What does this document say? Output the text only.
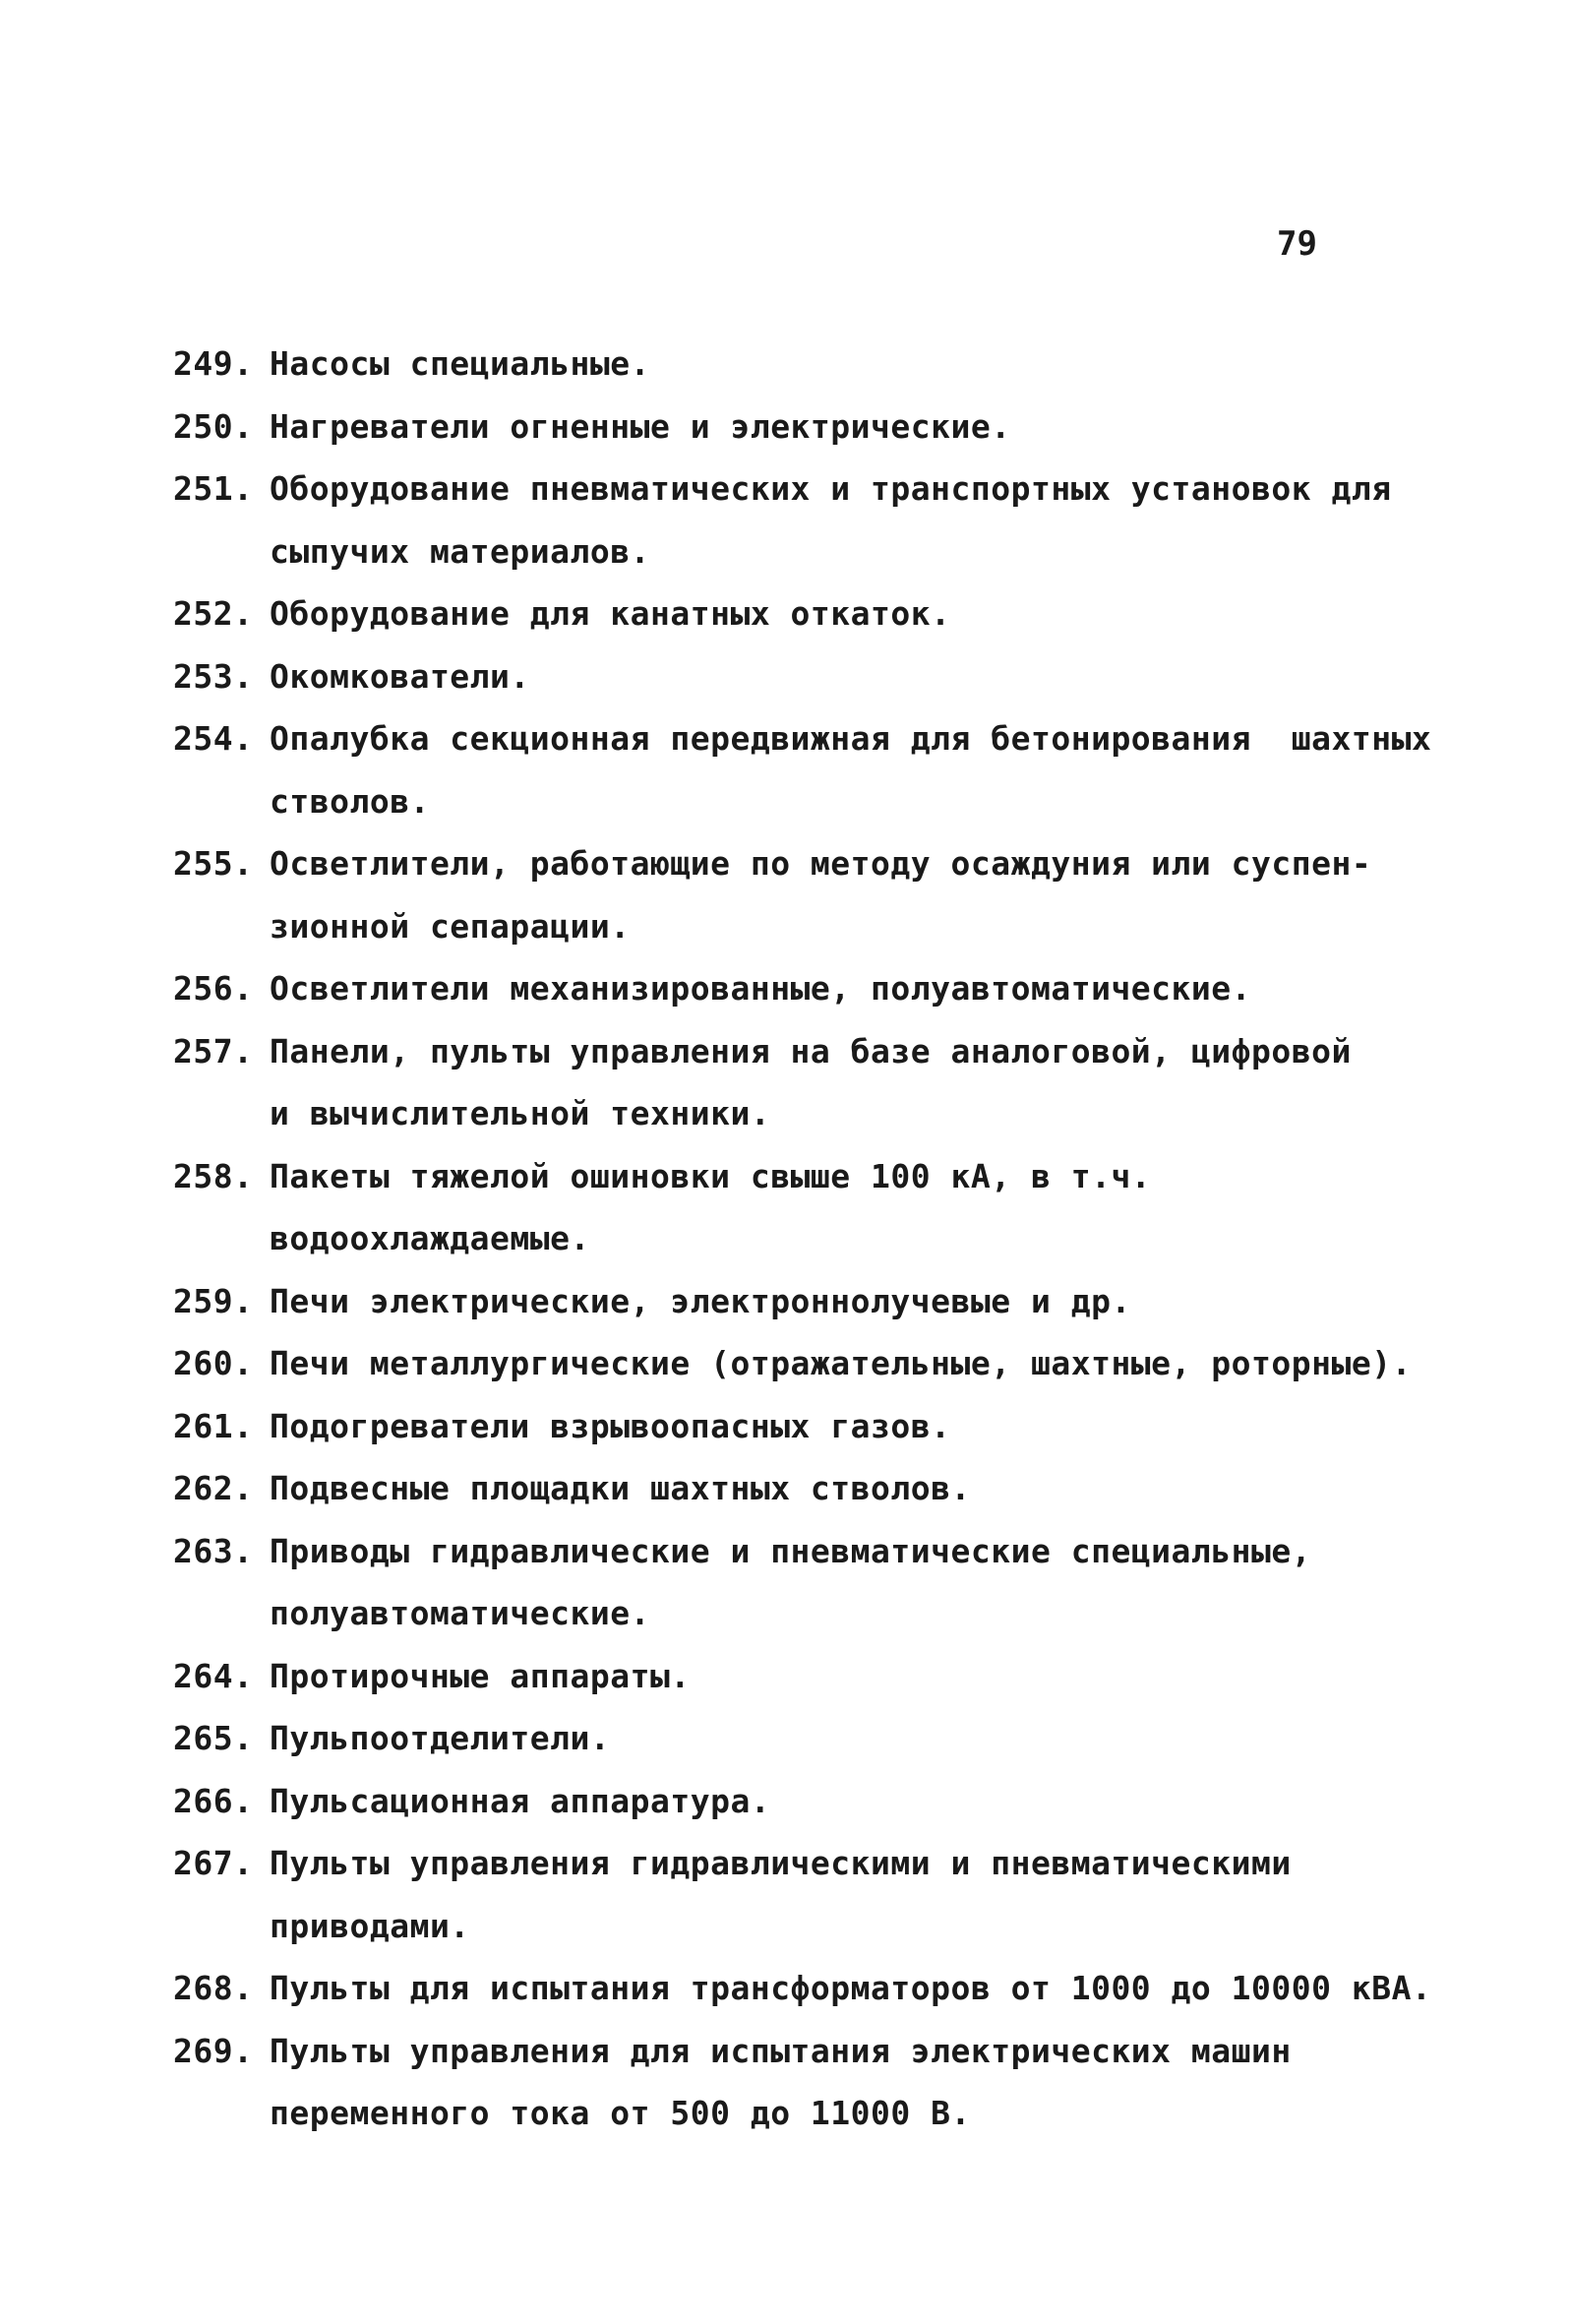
79
249. Насосы специальные.
250. Нагреватели огненные и электрические.
251. Оборудование пневматических и транспортных установок для
сыпучих материалов.
252. Оборудование для канатных откаток.
253. Окомкователи.
254. Опалубка секционная передвижная для бетонирования  шахтных
стволов.
255. Осветлители, работающие по методу осаждуния или суспен-
зионной сепарации.
256. Осветлители механизированные, полуавтоматические.
257. Панели, пульты управления на базе аналоговой, цифровой
и вычислительной техники.
258. Пакеты тяжелой ошиновки свыше 100 кА, в т.ч. водоохлаждаемые.
259. Печи электрические, электроннолучевые и др.
260. Печи металлургические (отражательные, шахтные, роторные).
261. Подогреватели взрывоопасных газов.
262. Подвесные площадки шахтных стволов.
263. Приводы гидравлические и пневматические специальные,
полуавтоматические.
264. Протирочные аппараты.
265. Пульпоотделители.
266. Пульсационная аппаратура.
267. Пульты управления гидравлическими и пневматическими
приводами.
268. Пульты для испытания трансформаторов от 1000 до 10000 кВА.
269. Пульты управления для испытания электрических машин
переменного тока от 500 до 11000 В.
